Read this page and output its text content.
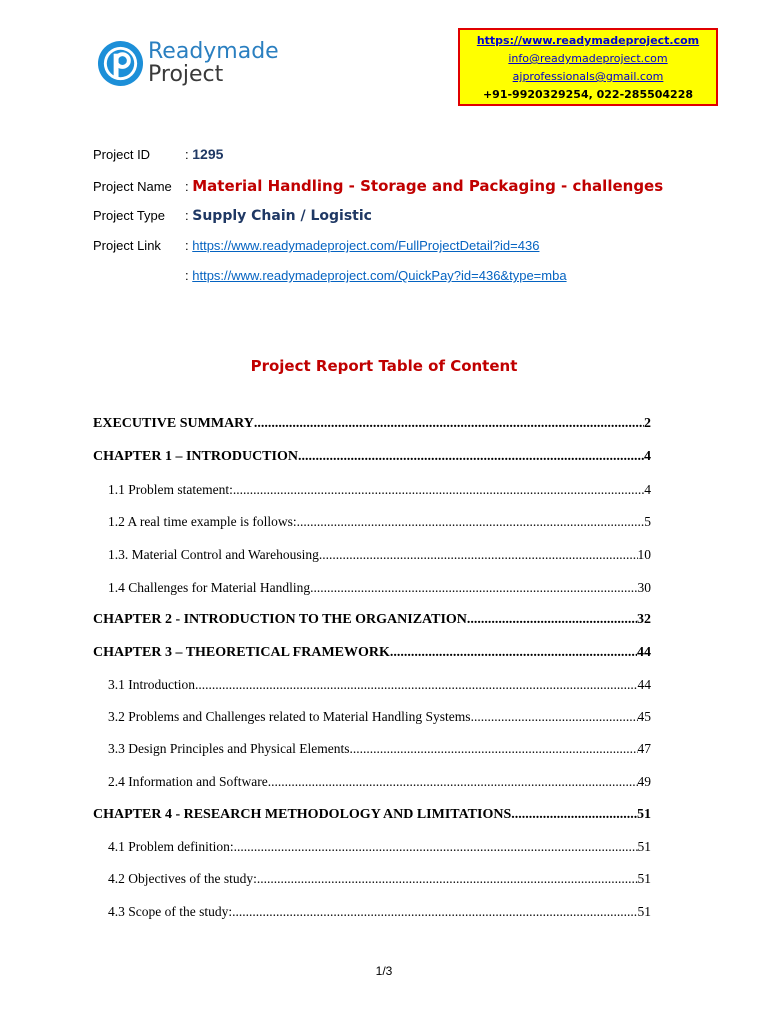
Readymade
Project
https://www.readymadeproject.com
info@readymadeproject.com
ajprofessionals@gmail.com
+91-9920329254, 022-285504228
Project ID	: 1295
Project Name : Material Handling - Storage and Packaging - challenges
Project Type : Supply Chain / Logistic
Project Link : https://www.readymadeproject.com/FullProjectDetail?id=436
: https://www.readymadeproject.com/QuickPay?id=436&type=mba
Project Report Table of Content
EXECUTIVE SUMMARY .....	2
CHAPTER 1 – INTRODUCTION .....	4
1.1 Problem statement: .....	4
1.2 A real time example is follows: .....	5
1.3. Material Control and Warehousing .....	10
1.4 Challenges for Material Handling .....	30
CHAPTER 2 - INTRODUCTION TO THE ORGANIZATION .....	32
CHAPTER 3 – THEORETICAL FRAMEWORK .....	44
3.1 Introduction .....	44
3.2 Problems and Challenges related to Material Handling Systems .....	45
3.3 Design Principles and Physical Elements .....	47
2.4 Information and Software .....	49
CHAPTER 4 - RESEARCH METHODOLOGY AND LIMITATIONS .....	51
4.1 Problem definition: .....	51
4.2 Objectives of the study: .....	51
4.3 Scope of the study: .....	51
1/3
